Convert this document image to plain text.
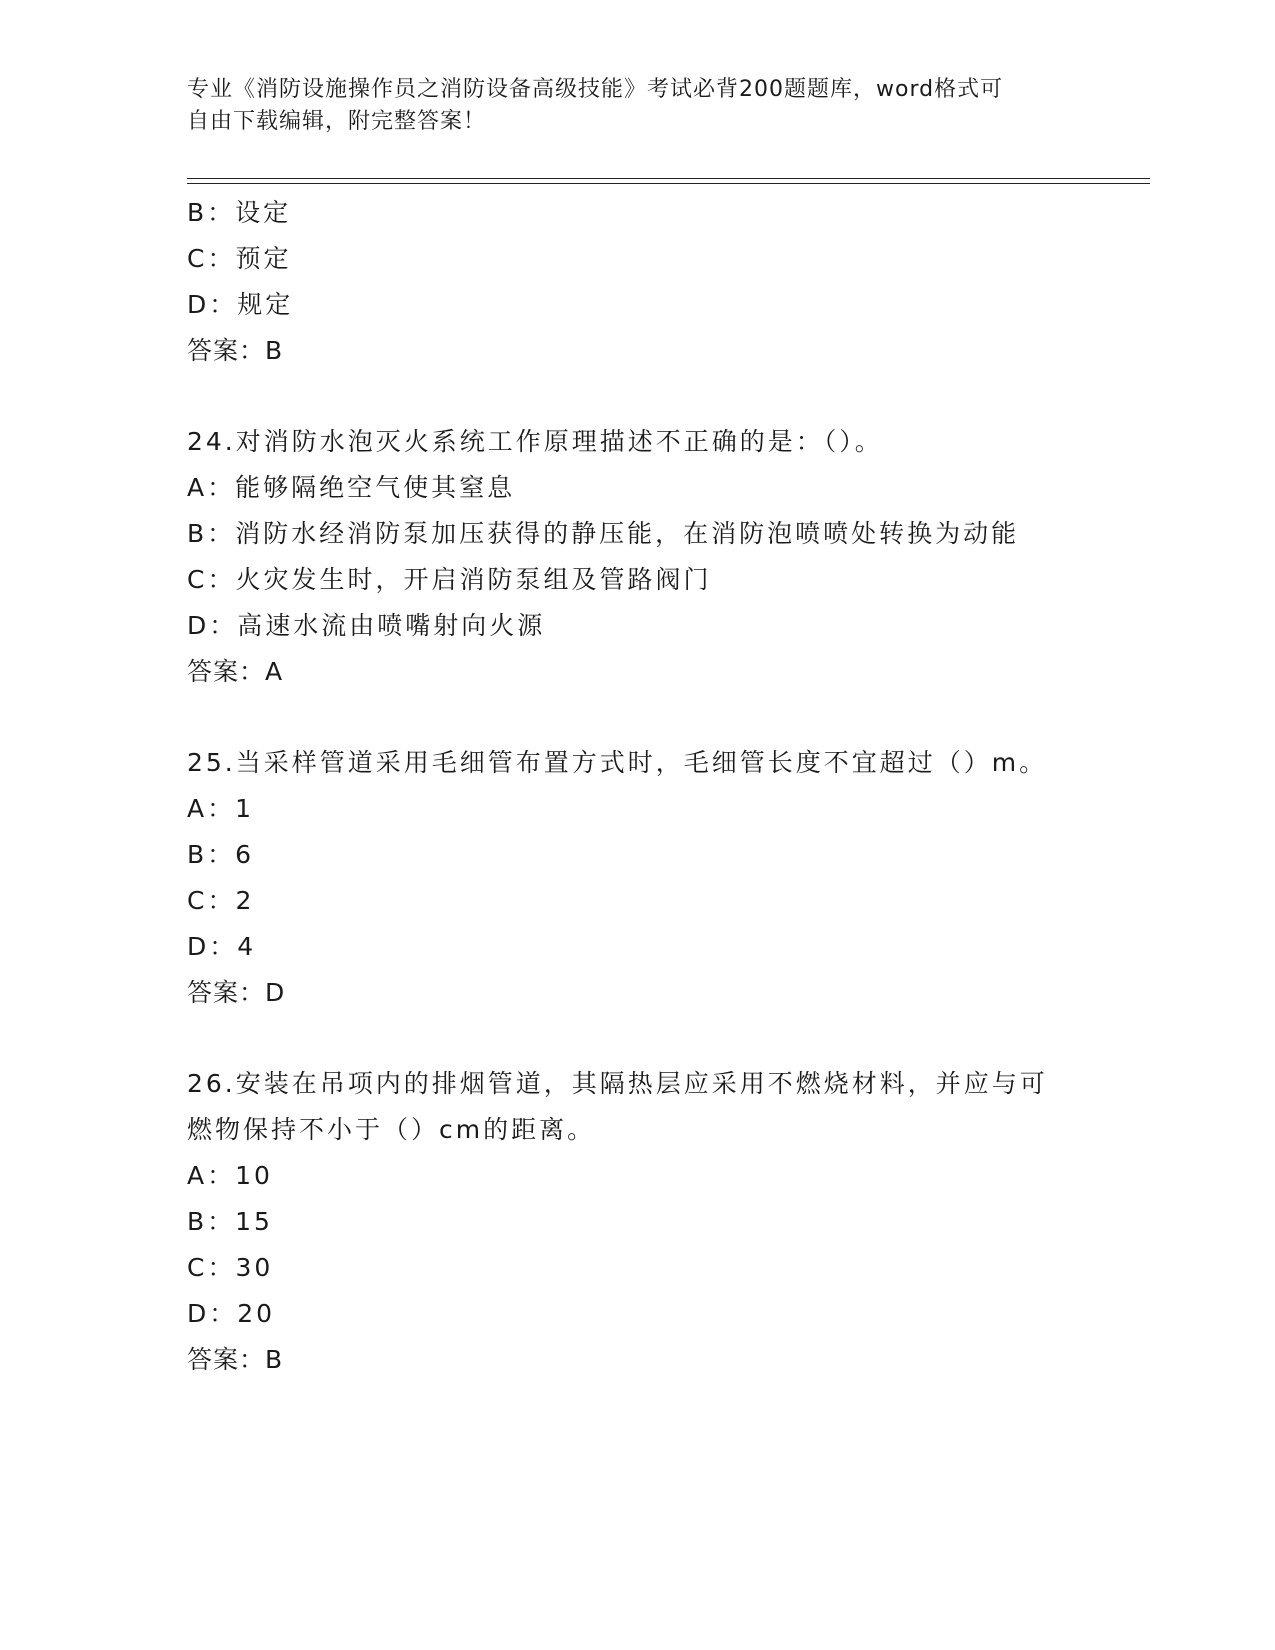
专业《消防设施操作员之消防设备高级技能》考试必背200题题库，word格式可
自由下载编辑，附完整答案！
B：设定
C：预定
D：规定
答案：B
24.对消防水泡灭火系统工作原理描述不正确的是：（）。
A：能够隔绝空气使其窒息
B：消防水经消防泵加压获得的静压能，在消防泡喷喷处转换为动能
C：火灾发生时，开启消防泵组及管路阀门
D：高速水流由喷嘴射向火源
答案：A
25.当采样管道采用毛细管布置方式时，毛细管长度不宜超过（）m。
A：1
B：6
C：2
D：4
答案：D
26.安装在吊项内的排烟管道，其隔热层应采用不燃烧材料，并应与可
燃物保持不小于（）cm的距离。
A：10
B：15
C：30
D：20
答案：B
